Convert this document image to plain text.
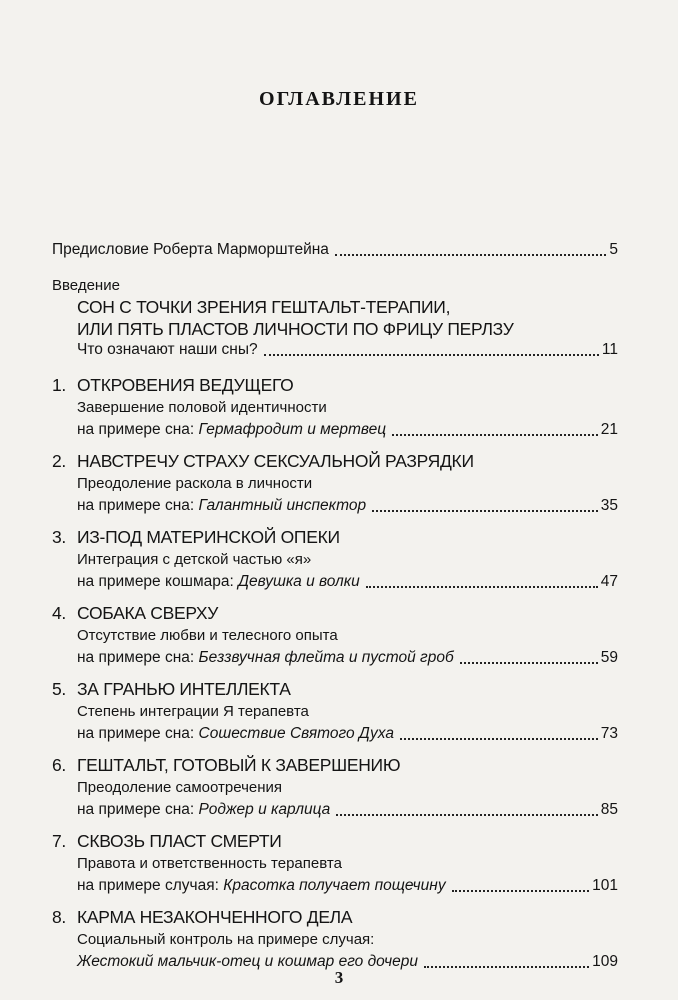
ОГЛАВЛЕНИЕ
Предисловие Роберта Марморштейна	5
Введение
СОН С ТОЧКИ ЗРЕНИЯ ГЕШТАЛЬТ-ТЕРАПИИ,
ИЛИ ПЯТЬ ПЛАСТОВ ЛИЧНОСТИ ПО ФРИЦУ ПЕРЛЗУ
Что означают наши сны?	11
1. ОТКРОВЕНИЯ ВЕДУЩЕГО
Завершение половой идентичности
на примере сна: Гермафродит и мертвец	21
2. НАВСТРЕЧУ СТРАХУ СЕКСУАЛЬНОЙ РАЗРЯДКИ
Преодоление раскола в личности
на примере сна: Галантный инспектор	35
3. ИЗ-ПОД МАТЕРИНСКОЙ ОПЕКИ
Интеграция с детской частью «я»
на примере кошмара: Девушка и волки	47
4. СОБАКА СВЕРХУ
Отсутствие любви и телесного опыта
на примере сна: Беззвучная флейта и пустой гроб	59
5. ЗА ГРАНЬЮ ИНТЕЛЛЕКТА
Степень интеграции Я терапевта
на примере сна: Сошествие Святого Духа	73
6. ГЕШТАЛЬТ, ГОТОВЫЙ К ЗАВЕРШЕНИЮ
Преодоление самоотречения
на примере сна: Роджер и карлица	85
7. СКВОЗЬ ПЛАСТ СМЕРТИ
Правота и ответственность терапевта
на примере случая: Красотка получает пощечину	101
8. КАРМА НЕЗАКОНЧЕННОГО ДЕЛА
Социальный контроль на примере случая:
Жестокий мальчик-отец и кошмар его дочери	109
3
